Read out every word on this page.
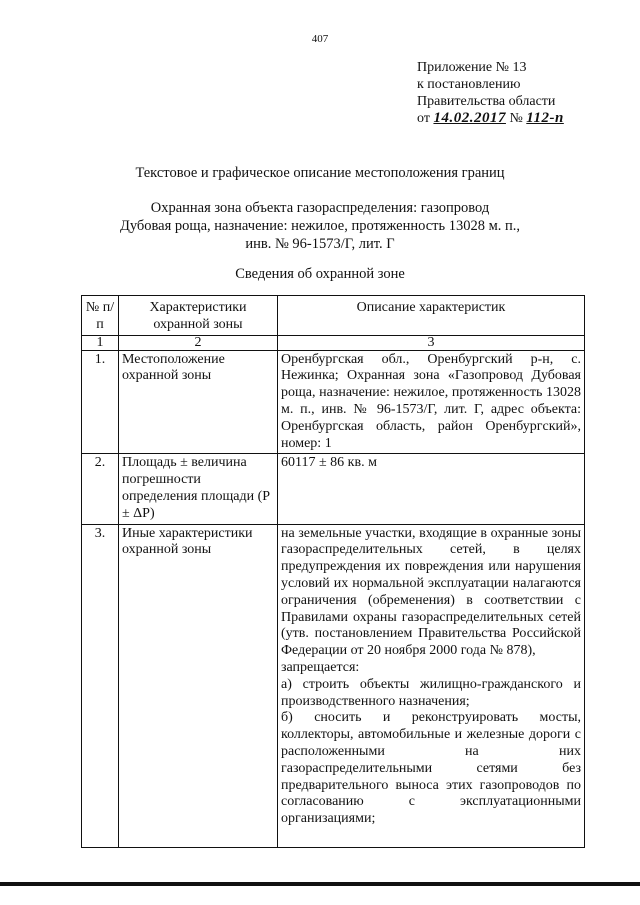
407
Приложение № 13
к постановлению
Правительства области
от 14.02.2017 № 112-п
Текстовое и графическое описание местоположения границ
Охранная зона объекта газораспределения: газопровод
Дубовая роща, назначение: нежилое, протяженность 13028 м. п.,
инв. № 96-1573/Г, лит. Г
Сведения об охранной зоне
№ п/п	Характеристики охранной зоны	Описание характеристик
1	2	3
1.	Местоположение охранной зоны	Оренбургская обл., Оренбургский р-н, с. Нежинка; Охранная зона «Газопровод Дубовая роща, назначение: нежилое, протяженность 13028 м. п., инв. № 96-1573/Г, лит. Г, адрес объекта: Оренбургская область, район Оренбургский», номер: 1
2.	Площадь ± величина погрешности определения площади (P ± ΔP)	60117 ± 86 кв. м
3.	Иные характеристики охранной зоны	на земельные участки, входящие в охранные зоны газораспределительных сетей, в целях предупреждения их повреждения или нарушения условий их нормальной эксплуатации налагаются ограничения (обременения) в соответствии с Правилами охраны газораспределительных сетей (утв. постановлением Правительства Российской Федерации от 20 ноября 2000 года № 878),
запрещается:
а) строить объекты жилищно-гражданского и производственного назначения;
б) сносить и реконструировать мосты, коллекторы, автомобильные и железные дороги с расположенными на них газораспределительными сетями без предварительного выноса этих газопроводов по согласованию с эксплуатационными организациями;
